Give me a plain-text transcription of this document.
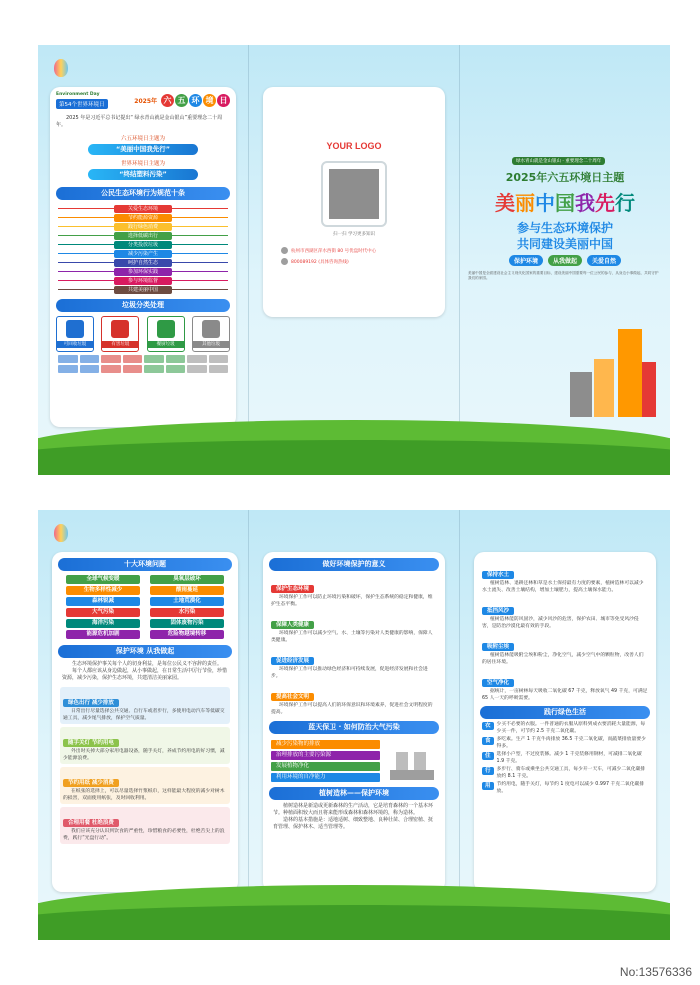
Environment Day
第54个世界环境日	2025年 六 五 环 境 日
2025 年是习近平总书记提出“ 绿水青山就是金山银山”重要理念二十周年。
六五环境日主题为
“美丽中国我先行”
世界环境日主题为
“终结塑料污染”
公民生态环境行为规范十条
关爱生态环境
节约能源资源
践行绿色消费
选择低碳出行
分类投放垃圾
减少污染产生
呵护自然生态
参加环保实践
参与环境监督
共建美丽中国
垃圾分类处理
可回收垃圾	有害垃圾	餐厨垃圾	其他垃圾
YOUR LOGO
扫一扫 学习更多知识
杭州市西湖区萍水西街 80 号优盘时代中心
800089192 (具体咨询热线)
绿水青山就是金山银山 · 重要理念二十周年
2025年六五环境日主题
美丽中国我先行
参与生态环境保护
共同建设美丽中国
保护环境	从我做起	关爱自然
美丽中国是全面建设社会主义现代化国家的重要目标，建设美丽中国需要每一位公民的参与，从身边小事做起，共同守护我们的家园。
十大环境问题
全球气候变暖	臭氧层破坏
生物多样性减少	酸雨蔓延
森林锐减	土地荒漠化
大气污染	水污染
海洋污染	固体废物污染
能源危机加剧	危险物越境转移
保护环境 从我做起
生态环境保护事关每个人的切身利益，是每位公民义不容辞的责任。
每个人都应该从身边做起，从小事做起，在日常生活中厉行节俭，珍惜资源，减少污染，保护生态环境，共建清洁美丽家园。
绿色出行 减少排放
日常出行尽量选择公共交通、自行车或者步行，多使用电动汽车等低碳交通工具，减少尾气排放，保护空气质量。
随手关灯 节约用电
外出时关掉大部分家用电器设备，随手关灯，养成节约用电的好习惯，减少能源浪费。
节约用纸 减少消费
在纸张的选择上，可以尽量选择竹浆纸巾，这样能最大程度的减少对树木的损害，双面使用纸张，及时回收利用。
合理用餐 杜绝浪费
我们应该充分认识到饮食的严重性，珍惜粮食的必要性，杜绝舌尖上的浪费，践行“光盘行动”。
做好环境保护的意义
保护生态环境
环境保护工作可以防止环境污染和破坏，保护生态系统的稳定和健康，维护生态平衡。
保障人类健康
环境保护工作可以减少空气、水、土壤等污染对人类健康的影响，保障人类健康。
促进经济发展
环境保护工作可以推动绿色经济和可持续发展，促进经济发展和社会进步。
提高社会文明
环境保护工作可以提高人们的环保意识和环境素养，促进社会文明程度的提高。
蓝天保卫 · 如何防治大气污染
减少污染物的排放
治理排放的主要污染源
发展植物净化
利用环境的自净能力
植树造林——保护环境
植树造林是新造或更新森林的生产活动，它是培育森林的一个基本环节。种植面积较大而且将来能形成森林和森林环境的，称为造林。
造林的基本措施是：适地适树、细致整地、良种壮苗、合理密植、抚育管理、保护林木、适当管理等。
保持水土
植树造林、退耕还林和草是水土保持最有力度的要素，植树造林可以减少水土流失、改善土壤结构，增加土壤肥力，提高土壤保水能力。
抵挡风沙
植树造林能防风固沙，减少风沙的危害，保护农田、城市等免受风沙侵害，是防治沙漠化最有效的手段。
吸附尘埃
植树造林能吸附尘埃和粉尘，净化空气，减少空气中的颗粒物，改善人们的居住环境。
空气净化
据统计，一亩树林每天吸收二氧化碳 67 千克，释放氧气 49 千克，可满足 65 人一天的呼吸需要。
践行绿色生活
衣	少买不必要的衣服。一件普通的衣服从原料到成衣要消耗大量能源，每少买一件，可节约 2.5 千克二氧化碳。
食	多吃素。生产 1 千克牛肉排放 36.5 千克二氧化碳，而蔬菜排放量要少得多。
住	选择小户型，不过度装修。减少 1 千克装修用钢材，可减排二氧化碳 1.9 千克。
行	多步行、骑车或乘坐公共交通工具，每少开一天车，可减少二氧化碳排放约 8.1 千克。
用	节约用电，随手关灯，每节约 1 度电可以减少 0.997 千克二氧化碳排放。
No:13576336
